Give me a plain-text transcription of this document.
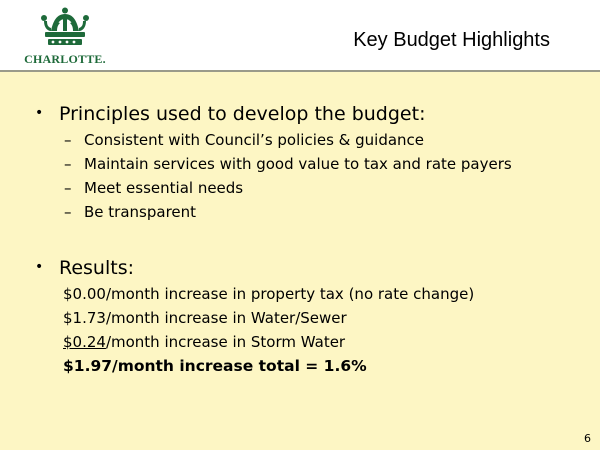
CHARLOTTE.
Key Budget Highlights
• Principles used to develop the budget:
– Consistent with Council’s policies & guidance
– Maintain services with good value to tax and rate payers
– Meet essential needs
– Be transparent
• Results:
$0.00/month increase in property tax (no rate change)
$1.73/month increase in Water/Sewer
$0.24/month increase in Storm Water
$1.97/month increase total = 1.6%
6
